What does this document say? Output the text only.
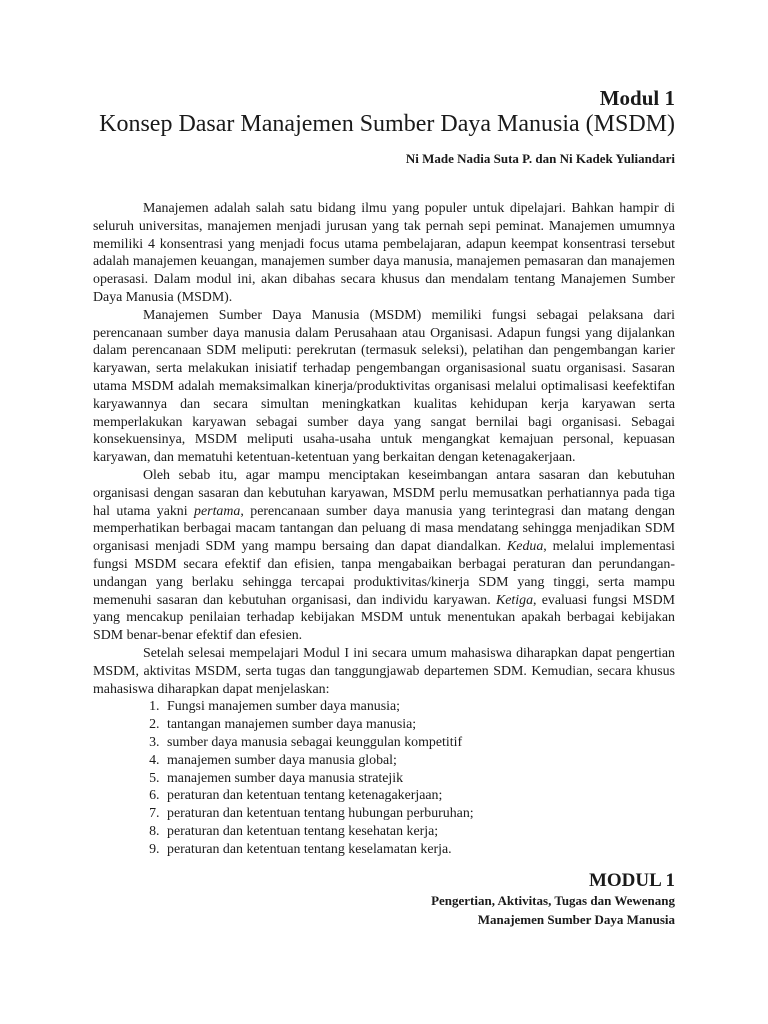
Modul 1
Konsep Dasar Manajemen Sumber Daya Manusia (MSDM)
Ni Made Nadia Suta P. dan Ni Kadek Yuliandari

Manajemen adalah salah satu bidang ilmu yang populer untuk dipelajari. Bahkan hampir di seluruh universitas, manajemen menjadi jurusan yang tak pernah sepi peminat. Manajemen umumnya memiliki 4 konsentrasi yang menjadi focus utama pembelajaran, adapun keempat konsentrasi tersebut adalah manajemen keuangan, manajemen sumber daya manusia, manajemen pemasaran dan manajemen operasasi. Dalam modul ini, akan dibahas secara khusus dan mendalam tentang Manajemen Sumber Daya Manusia (MSDM).

Manajemen Sumber Daya Manusia (MSDM) memiliki fungsi sebagai pelaksana dari perencanaan sumber daya manusia dalam Perusahaan atau Organisasi. Adapun fungsi yang dijalankan dalam perencanaan SDM meliputi: perekrutan (termasuk seleksi), pelatihan dan pengembangan karier karyawan, serta melakukan inisiatif terhadap pengembangan organisasional suatu organisasi. Sasaran utama MSDM adalah memaksimalkan kinerja/produktivitas organisasi melalui optimalisasi keefektifan karyawannya dan secara simultan meningkatkan kualitas kehidupan kerja karyawan serta memperlakukan karyawan sebagai sumber daya yang sangat bernilai bagi organisasi. Sebagai konsekuensinya, MSDM meliputi usaha-usaha untuk mengangkat kemajuan personal, kepuasan karyawan, dan mematuhi ketentuan-ketentuan yang berkaitan dengan ketenagakerjaan.

Oleh sebab itu, agar mampu menciptakan keseimbangan antara sasaran dan kebutuhan organisasi dengan sasaran dan kebutuhan karyawan, MSDM perlu memusatkan perhatiannya pada tiga hal utama yakni pertama, perencanaan sumber daya manusia yang terintegrasi dan matang dengan memperhatikan berbagai macam tantangan dan peluang di masa mendatang sehingga menjadikan SDM organisasi menjadi SDM yang mampu bersaing dan dapat diandalkan. Kedua, melalui implementasi fungsi MSDM secara efektif dan efisien, tanpa mengabaikan berbagai peraturan dan perundangan-undangan yang berlaku sehingga tercapai produktivitas/kinerja SDM yang tinggi, serta mampu memenuhi sasaran dan kebutuhan organisasi, dan individu karyawan. Ketiga, evaluasi fungsi MSDM yang mencakup penilaian terhadap kebijakan MSDM untuk menentukan apakah berbagai kebijakan SDM benar-benar efektif dan efesien.

Setelah selesai mempelajari Modul I ini secara umum mahasiswa diharapkan dapat pengertian MSDM, aktivitas MSDM, serta tugas dan tanggungjawab departemen SDM. Kemudian, secara khusus mahasiswa diharapkan dapat menjelaskan:

1. Fungsi manajemen sumber daya manusia;
2. tantangan manajemen sumber daya manusia;
3. sumber daya manusia sebagai keunggulan kompetitif
4. manajemen sumber daya manusia global;
5. manajemen sumber daya manusia stratejik
6. peraturan dan ketentuan tentang ketenagakerjaan;
7. peraturan dan ketentuan tentang hubungan perburuhan;
8. peraturan dan ketentuan tentang kesehatan kerja;
9. peraturan dan ketentuan tentang keselamatan kerja.
MODUL 1
Pengertian, Aktivitas, Tugas dan Wewenang
Manajemen Sumber Daya Manusia
